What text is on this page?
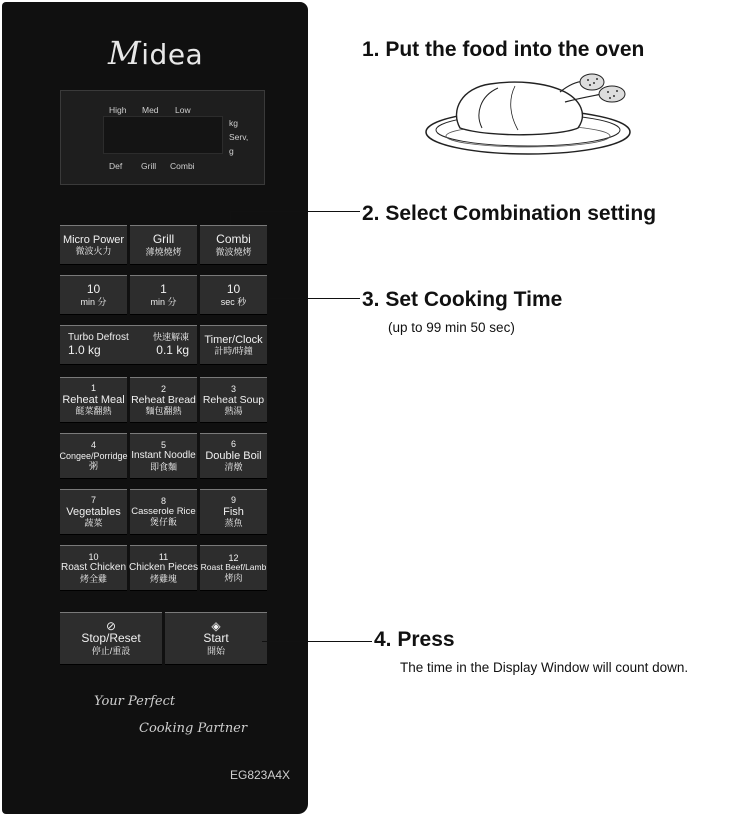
Midea
High Med Low
kg
Serv,
g
Def Grill Combi
Micro Power
微波火力
Grill
薄燒燒烤
Combi
微波燒烤
10
min 分
1
min 分
10
sec 秒
Turbo Defrost	快速解凍
1.0 kg	0.1 kg
Timer/Clock
計時/時鐘
1
Reheat Meal
餸菜翻熱
2
Reheat Bread
麵包翻熱
3
Reheat Soup
熱湯
4
Congee/Porridge
粥
5
Instant Noodle
即食麵
6
Double Boil
清燉
7
Vegetables
蔬菜
8
Casserole Rice
煲仔飯
9
Fish
蒸魚
10
Roast Chicken
烤全雞
11
Chicken Pieces
烤雞塊
12
Roast Beef/Lamb
烤肉
⊘
Stop/Reset
停止/重設
◈
Start
開始
Your Perfect
Cooking Partner
EG823A4X
1. Put the food into the oven
2. Select Combination setting
3. Set Cooking Time
(up to 99 min 50 sec)
4. Press
The time in the Display Window will count down.
